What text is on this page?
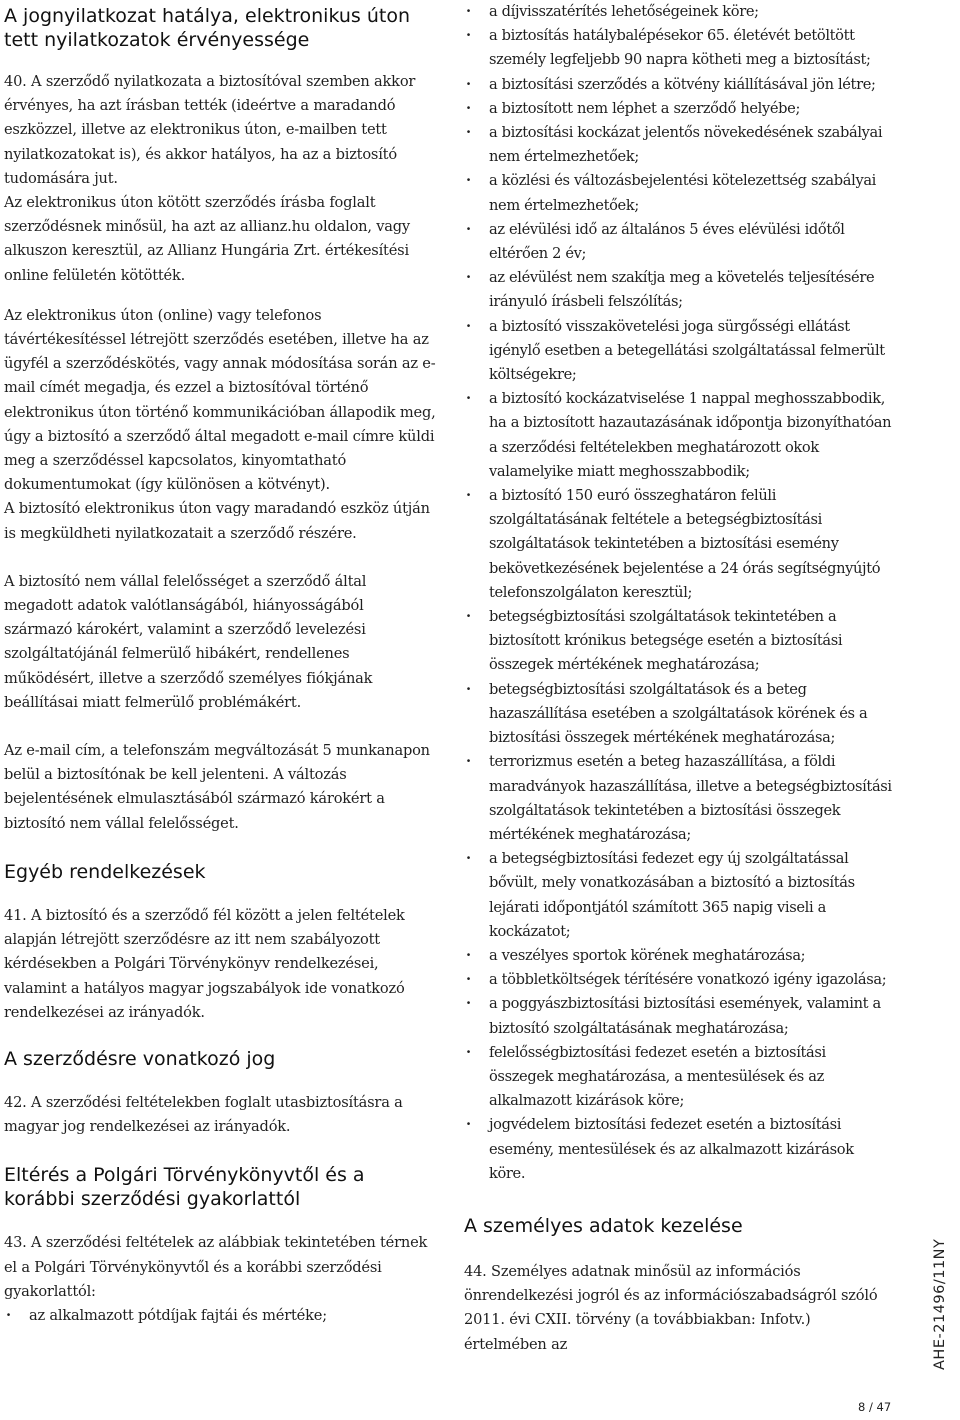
A jognyilatkozat hatálya, elektronikus úton tett nyilatkozatok érvényessége

40. A szerződő nyilatkozata a biztosítóval szemben akkor érvényes, ha azt írásban tették (ideértve a maradandó eszközzel, illetve az elektronikus úton, e-mailben tett nyilatkozatokat is), és akkor hatályos, ha az a biztosító tudomására jut.

Az elektronikus úton kötött szerződés írásba foglalt szerződésnek minősül, ha azt az allianz.hu oldalon, vagy alkuszon keresztül, az Allianz Hungária Zrt. értékesítési online felületén kötötték.

Az elektronikus úton (online) vagy telefonos távértékesítéssel létrejött szerződés esetében, illetve ha az ügyfél a szerződéskötés, vagy annak módosítása során az e-mail címét megadja, és ezzel a biztosítóval történő elektronikus úton történő kommunikációban állapodik meg, úgy a biztosító a szerződő által megadott e-mail címre küldi meg a szerződéssel kapcsolatos, kinyomtatható dokumentumokat (így különösen a kötvényt).

A biztosító elektronikus úton vagy maradandó eszköz útján is megküldheti nyilatkozatait a szerződő részére.

A biztosító nem vállal felelősséget a szerződő által megadott adatok valótlanságából, hiányosságából származó károkért, valamint a szerződő levelezési szolgáltatójánál felmerülő hibákért, rendellenes működésért, illetve a szerződő személyes fiókjának beállításai miatt felmerülő problémákért.

Az e-mail cím, a telefonszám megváltozását 5 munkanapon belül a biztosítónak be kell jelenteni. A változás bejelentésének elmulasztásából származó károkért a biztosító nem vállal felelősséget.

Egyéb rendelkezések

41. A biztosító és a szerződő fél között a jelen feltételek alapján létrejött szerződésre az itt nem szabályozott kérdésekben a Polgári Törvénykönyv rendelkezései, valamint a hatályos magyar jogszabályok ide vonatkozó rendelkezései az irányadók.

A szerződésre vonatkozó jog

42. A szerződési feltételekben foglalt utasbiztosításra a magyar jog rendelkezései az irányadók.

Eltérés a Polgári Törvénykönyvtől és a korábbi szerződési gyakorlattól

43. A szerződési feltételek az alábbiak tekintetében térnek el a Polgári Törvénykönyvtől és a korábbi szerződési gyakorlattól:

· az alkalmazott pótdíjak fajtái és mértéke;
· a díjvisszatérítés lehetőségeinek köre;
· a biztosítás hatálybalépésekor 65. életévét betöltött személy legfeljebb 90 napra kötheti meg a biztosítást;
· a biztosítási szerződés a kötvény kiállításával jön létre;
· a biztosított nem léphet a szerződő helyébe;
· a biztosítási kockázat jelentős növekedésének szabályai nem értelmezhetőek;
· a közlési és változásbejelentési kötelezettség szabályai nem értelmezhetőek;
· az elévülési idő az általános 5 éves elévülési időtől eltérően 2 év;
· az elévülést nem szakítja meg a követelés teljesítésére irányuló írásbeli felszólítás;
· a biztosító visszakövetelési joga sürgősségi ellátást igénylő esetben a betegellátási szolgáltatással felmerült költségekre;
· a biztosító kockázatviselése 1 nappal meghosszabbodik, ha a biztosított hazautazásának időpontja bizonyíthatóan a szerződési feltételekben meghatározott okok valamelyike miatt meghosszabbodik;
· a biztosító 150 euró összeghatáron felüli szolgáltatásának feltétele a betegségbiztosítási szolgáltatások tekintetében a biztosítási esemény bekövetkezésének bejelentése a 24 órás segítségnyújtó telefonszolgálaton keresztül;
· betegségbiztosítási szolgáltatások tekintetében a biztosított krónikus betegsége esetén a biztosítási összegek mértékének meghatározása;
· betegségbiztosítási szolgáltatások és a beteg hazaszállítása esetében a szolgáltatások körének és a biztosítási összegek mértékének meghatározása;
· terrorizmus esetén a beteg hazaszállítása, a földi maradványok hazaszállítása, illetve a betegségbiztosítási szolgáltatások tekintetében a biztosítási összegek mértékének meghatározása;
· a betegségbiztosítási fedezet egy új szolgáltatással bővült, mely vonatkozásában a biztosító a biztosítás lejárati időpontjától számított 365 napig viseli a kockázatot;
· a veszélyes sportok körének meghatározása;
· a többletköltségek térítésére vonatkozó igény igazolása;
· a poggyászbiztosítási biztosítási események, valamint a biztosító szolgáltatásának meghatározása;
· felelősségbiztosítási fedezet esetén a biztosítási összegek meghatározása, a mentesülések és az alkalmazott kizárások köre;
· jogvédelem biztosítási fedezet esetén a biztosítási esemény, mentesülések és az alkalmazott kizárások köre.
A személyes adatok kezelése

44. Személyes adatnak minősül az információs önrendelkezési jogról és az információszabadságról szóló 2011. évi CXII. törvény (a továbbiakban: Infotv.) értelmében az	AHE-21496/11NY
8 / 47
